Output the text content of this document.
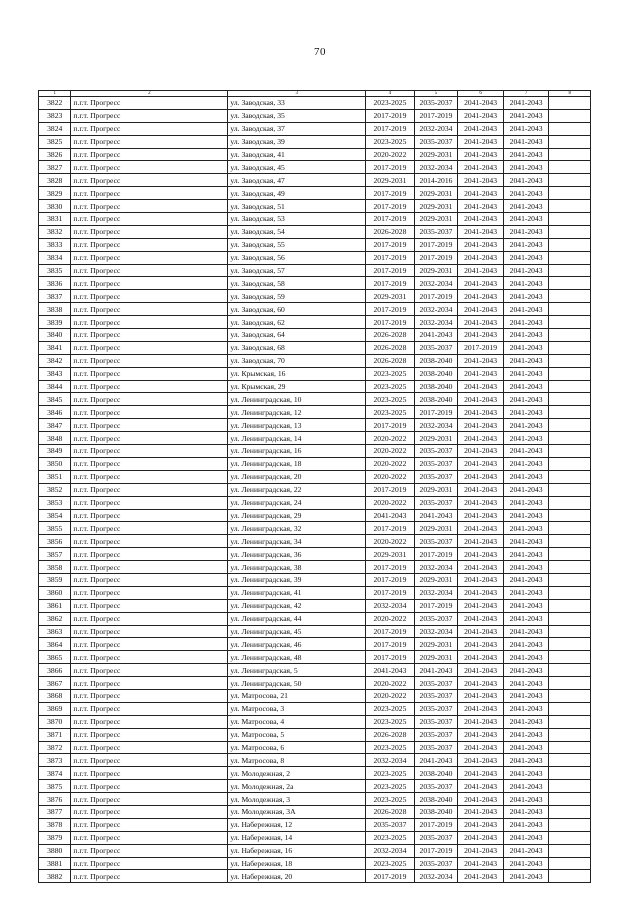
70
1	2	3	4	5	6	7	8
3822	п.г.т. Прогресс	ул. Заводская, 33	2023-2025	2035-2037	2041-2043	2041-2043	
3823	п.г.т. Прогресс	ул. Заводская, 35	2017-2019	2017-2019	2041-2043	2041-2043	
3824	п.г.т. Прогресс	ул. Заводская, 37	2017-2019	2032-2034	2041-2043	2041-2043	
3825	п.г.т. Прогресс	ул. Заводская, 39	2023-2025	2035-2037	2041-2043	2041-2043	
3826	п.г.т. Прогресс	ул. Заводская, 41	2020-2022	2029-2031	2041-2043	2041-2043	
3827	п.г.т. Прогресс	ул. Заводская, 45	2017-2019	2032-2034	2041-2043	2041-2043	
3828	п.г.т. Прогресс	ул. Заводская, 47	2029-2031	2014-2016	2041-2043	2041-2043	
3829	п.г.т. Прогресс	ул. Заводская, 49	2017-2019	2029-2031	2041-2043	2041-2043	
3830	п.г.т. Прогресс	ул. Заводская, 51	2017-2019	2029-2031	2041-2043	2041-2043	
3831	п.г.т. Прогресс	ул. Заводская, 53	2017-2019	2029-2031	2041-2043	2041-2043	
3832	п.г.т. Прогресс	ул. Заводская, 54	2026-2028	2035-2037	2041-2043	2041-2043	
3833	п.г.т. Прогресс	ул. Заводская, 55	2017-2019	2017-2019	2041-2043	2041-2043	
3834	п.г.т. Прогресс	ул. Заводская, 56	2017-2019	2017-2019	2041-2043	2041-2043	
3835	п.г.т. Прогресс	ул. Заводская, 57	2017-2019	2029-2031	2041-2043	2041-2043	
3836	п.г.т. Прогресс	ул. Заводская, 58	2017-2019	2032-2034	2041-2043	2041-2043	
3837	п.г.т. Прогресс	ул. Заводская, 59	2029-2031	2017-2019	2041-2043	2041-2043	
3838	п.г.т. Прогресс	ул. Заводская, 60	2017-2019	2032-2034	2041-2043	2041-2043	
3839	п.г.т. Прогресс	ул. Заводская, 62	2017-2019	2032-2034	2041-2043	2041-2043	
3840	п.г.т. Прогресс	ул. Заводская, 64	2026-2028	2041-2043	2041-2043	2041-2043	
3841	п.г.т. Прогресс	ул. Заводская, 68	2026-2028	2035-2037	2017-2019	2041-2043	
3842	п.г.т. Прогресс	ул. Заводская, 70	2026-2028	2038-2040	2041-2043	2041-2043	
3843	п.г.т. Прогресс	ул. Крымская, 16	2023-2025	2038-2040	2041-2043	2041-2043	
3844	п.г.т. Прогресс	ул. Крымская, 29	2023-2025	2038-2040	2041-2043	2041-2043	
3845	п.г.т. Прогресс	ул. Ленинградская, 10	2023-2025	2038-2040	2041-2043	2041-2043	
3846	п.г.т. Прогресс	ул. Ленинградская, 12	2023-2025	2017-2019	2041-2043	2041-2043	
3847	п.г.т. Прогресс	ул. Ленинградская, 13	2017-2019	2032-2034	2041-2043	2041-2043	
3848	п.г.т. Прогресс	ул. Ленинградская, 14	2020-2022	2029-2031	2041-2043	2041-2043	
3849	п.г.т. Прогресс	ул. Ленинградская, 16	2020-2022	2035-2037	2041-2043	2041-2043	
3850	п.г.т. Прогресс	ул. Ленинградская, 18	2020-2022	2035-2037	2041-2043	2041-2043	
3851	п.г.т. Прогресс	ул. Ленинградская, 20	2020-2022	2035-2037	2041-2043	2041-2043	
3852	п.г.т. Прогресс	ул. Ленинградская, 22	2017-2019	2029-2031	2041-2043	2041-2043	
3853	п.г.т. Прогресс	ул. Ленинградская, 24	2020-2022	2035-2037	2041-2043	2041-2043	
3854	п.г.т. Прогресс	ул. Ленинградская, 29	2041-2043	2041-2043	2041-2043	2041-2043	
3855	п.г.т. Прогресс	ул. Ленинградская, 32	2017-2019	2029-2031	2041-2043	2041-2043	
3856	п.г.т. Прогресс	ул. Ленинградская, 34	2020-2022	2035-2037	2041-2043	2041-2043	
3857	п.г.т. Прогресс	ул. Ленинградская, 36	2029-2031	2017-2019	2041-2043	2041-2043	
3858	п.г.т. Прогресс	ул. Ленинградская, 38	2017-2019	2032-2034	2041-2043	2041-2043	
3859	п.г.т. Прогресс	ул. Ленинградская, 39	2017-2019	2029-2031	2041-2043	2041-2043	
3860	п.г.т. Прогресс	ул. Ленинградская, 41	2017-2019	2032-2034	2041-2043	2041-2043	
3861	п.г.т. Прогресс	ул. Ленинградская, 42	2032-2034	2017-2019	2041-2043	2041-2043	
3862	п.г.т. Прогресс	ул. Ленинградская, 44	2020-2022	2035-2037	2041-2043	2041-2043	
3863	п.г.т. Прогресс	ул. Ленинградская, 45	2017-2019	2032-2034	2041-2043	2041-2043	
3864	п.г.т. Прогресс	ул. Ленинградская, 46	2017-2019	2029-2031	2041-2043	2041-2043	
3865	п.г.т. Прогресс	ул. Ленинградская, 48	2017-2019	2029-2031	2041-2043	2041-2043	
3866	п.г.т. Прогресс	ул. Ленинградская, 5	2041-2043	2041-2043	2041-2043	2041-2043	
3867	п.г.т. Прогресс	ул. Ленинградская, 50	2020-2022	2035-2037	2041-2043	2041-2043	
3868	п.г.т. Прогресс	ул. Матросова, 21	2020-2022	2035-2037	2041-2043	2041-2043	
3869	п.г.т. Прогресс	ул. Матросова, 3	2023-2025	2035-2037	2041-2043	2041-2043	
3870	п.г.т. Прогресс	ул. Матросова, 4	2023-2025	2035-2037	2041-2043	2041-2043	
3871	п.г.т. Прогресс	ул. Матросова, 5	2026-2028	2035-2037	2041-2043	2041-2043	
3872	п.г.т. Прогресс	ул. Матросова, 6	2023-2025	2035-2037	2041-2043	2041-2043	
3873	п.г.т. Прогресс	ул. Матросова, 8	2032-2034	2041-2043	2041-2043	2041-2043	
3874	п.г.т. Прогресс	ул. Молодежная, 2	2023-2025	2038-2040	2041-2043	2041-2043	
3875	п.г.т. Прогресс	ул. Молодежная, 2а	2023-2025	2035-2037	2041-2043	2041-2043	
3876	п.г.т. Прогресс	ул. Молодежная, 3	2023-2025	2038-2040	2041-2043	2041-2043	
3877	п.г.т. Прогресс	ул. Молодежная, 3А	2026-2028	2038-2040	2041-2043	2041-2043	
3878	п.г.т. Прогресс	ул. Набережная, 12	2035-2037	2017-2019	2041-2043	2041-2043	
3879	п.г.т. Прогресс	ул. Набережная, 14	2023-2025	2035-2037	2041-2043	2041-2043	
3880	п.г.т. Прогресс	ул. Набережная, 16	2032-2034	2017-2019	2041-2043	2041-2043	
3881	п.г.т. Прогресс	ул. Набережная, 18	2023-2025	2035-2037	2041-2043	2041-2043	
3882	п.г.т. Прогресс	ул. Набережная, 20	2017-2019	2032-2034	2041-2043	2041-2043	
